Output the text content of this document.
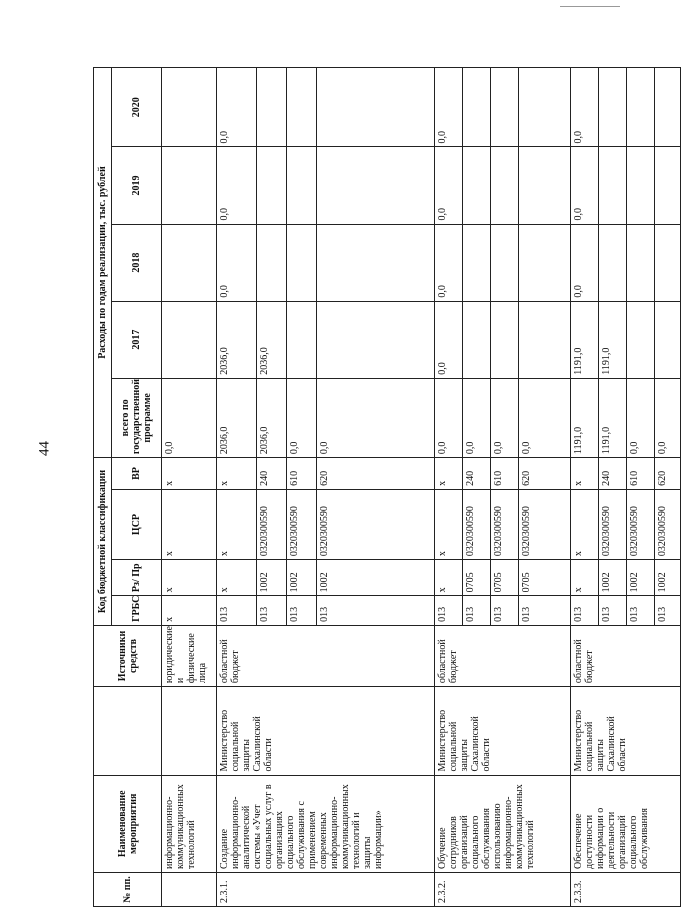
44
№ пп.	Наименование мероприятия		Источники средств	Код бюджетной классификации				Расходы по годам реализации, тыс. рублей				
				ГРБС	Рз/ Пр	ЦСР	ВР	всего по государственной программе	2017	2018	2019	2020
	информационно-коммуникационных технологий		юридические и физические лица	x	x	x	x	0,0				
2.3.1.	Создание информационно-аналитической системы «Учет социальных услуг в организациях социального обслуживания с применением современных информационно-коммуникационных технологий и защиты информации»	Министерство социальной защиты Сахалинской области	областной бюджет	013	x	x	x	2036,0	2036,0	0,0	0,0	0,0
				013	1002	0320300590	240	2036,0	2036,0			
				013	1002	0320300590	610	0,0				
				013	1002	0320300590	620	0,0				
2.3.2.	Обучение сотрудников организаций социального обслуживания использованию информационно-коммуникационных технологий	Министерство социальной защиты Сахалинской области	областной бюджет	013	x	x	x	0,0	0,0	0,0	0,0	0,0
				013	0705	0320300590	240	0,0				
				013	0705	0320300590	610	0,0				
				013	0705	0320300590	620	0,0				
2.3.3.	Обеспечение доступности информации о деятельности организаций социального обслуживания	Министерство социальной защиты Сахалинской области	областной бюджет	013	x	x	x	1191,0	1191,0	0,0	0,0	0,0
				013	1002	0320300590	240	1191,0	1191,0			
				013	1002	0320300590	610	0,0				
				013	1002	0320300590	620	0,0				
